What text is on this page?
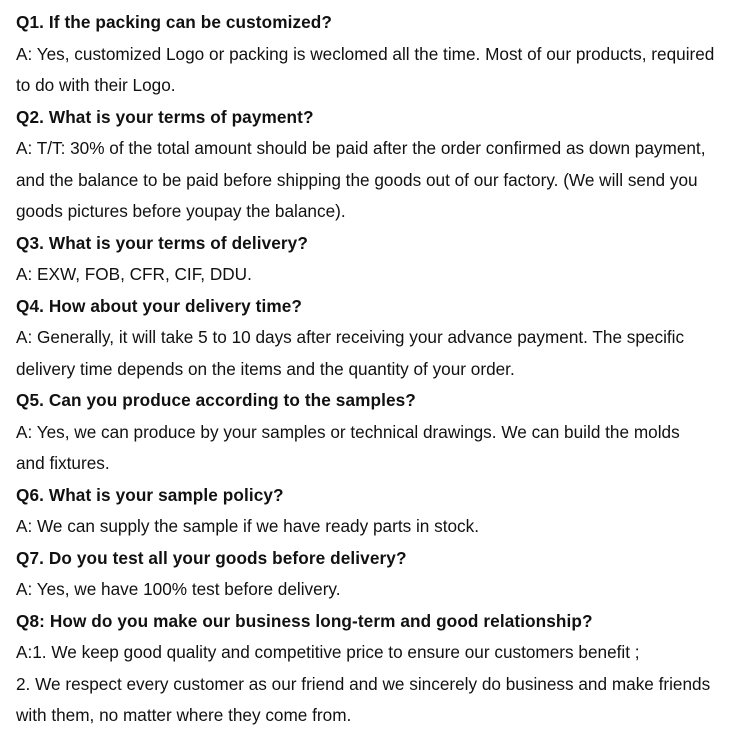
Q1. If the packing can be customized?
A: Yes, customized Logo or packing is weclomed all the time. Most of our products, required
to do with their Logo.
Q2. What is your terms of payment?
A: T/T: 30% of the total amount should be paid after the order confirmed as down payment,
and the balance to be paid before shipping the goods out of our factory. (We will send you
goods pictures before youpay the balance).
Q3. What is your terms of delivery?
A: EXW, FOB, CFR, CIF, DDU.
Q4. How about your delivery time?
A: Generally, it will take 5 to 10 days after receiving your advance payment. The specific
delivery time depends on the items and the quantity of your order.
Q5. Can you produce according to the samples?
A: Yes, we can produce by your samples or technical drawings. We can build the molds
and fixtures.
Q6. What is your sample policy?
A: We can supply the sample if we have ready parts in stock.
Q7. Do you test all your goods before delivery?
A: Yes, we have 100% test before delivery.
Q8: How do you make our business long-term and good relationship?
A:1. We keep good quality and competitive price to ensure our customers benefit ;
2. We respect every customer as our friend and we sincerely do business and make friends
with them, no matter where they come from.
